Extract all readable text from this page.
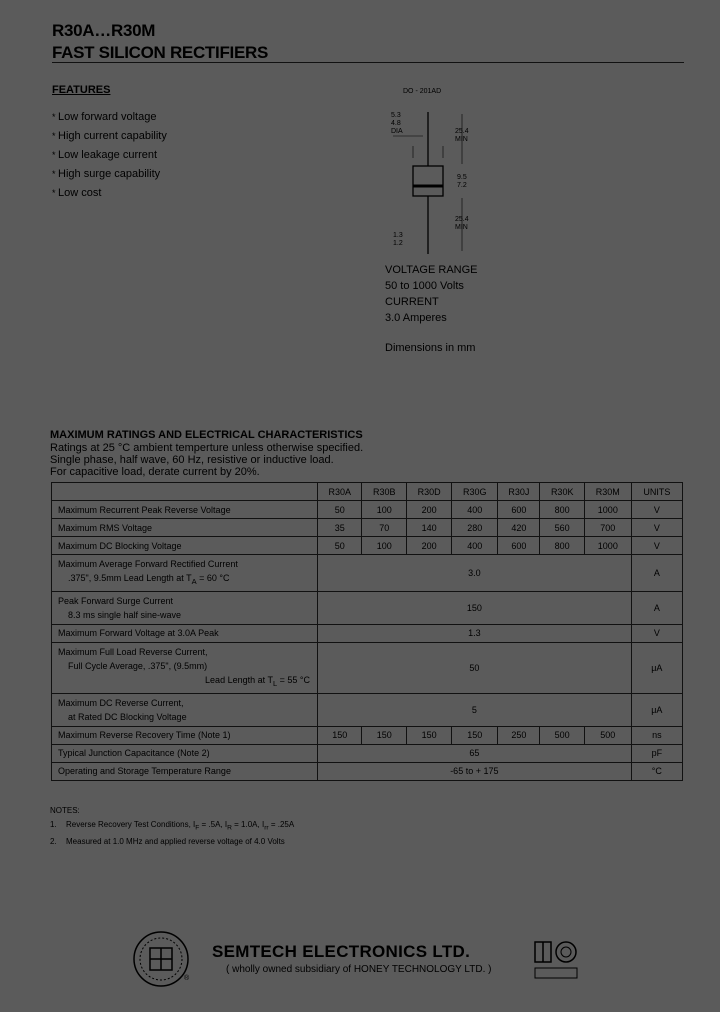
R30A…R30M
FAST SILICON RECTIFIERS
FEATURES
* Low forward voltage
* High current capability
* Low leakage current
* High surge capability
* Low cost
DO - 201AD
5.3
4.8
DIA	25.4
MIN
9.5
7.2
25.4
MIN
1.3
1.2
VOLTAGE RANGE
50 to 1000 Volts
CURRENT
3.0 Amperes
Dimensions in mm
MAXIMUM RATINGS AND ELECTRICAL CHARACTERISTICS
Ratings at 25 °C ambient temperture unless otherwise specified.
Single phase, half wave, 60 Hz, resistive or inductive load.
For capacitive load, derate current by 20%.
	R30A	R30B	R30D	R30G	R30J	R30K	R30M	UNITS
Maximum Recurrent Peak Reverse Voltage	50	100	200	400	600	800	1000	V
Maximum RMS Voltage	35	70	140	280	420	560	700	V
Maximum DC Blocking Voltage	50	100	200	400	600	800	1000	V

Maximum Average Forward Rectified Current
.375", 9.5mm Lead Length at $T_A = 60$ °C	3.0							A

Peak Forward Surge Current
8.3 ms single half sine-wave	150							A
Maximum Forward Voltage at 3.0A Peak	1.3							V

Maximum Full Load Reverse Current,
Full Cycle Average, .375", (9.5mm)
Lead Length at $T_L = 55$ °C	50							μA

Maximum DC Reverse Current,
at Rated DC Blocking Voltage	5							μA
Maximum Reverse Recovery Time (Note 1)	150	150	150	150	250	500	500	ns
Typical Junction Capacitance (Note 2)	65							pF
Operating and Storage Temperature Range	-65 to + 175							°C
NOTES:
1. Reverse Recovery Test Conditions, $I_F = .5A$, $I_R = 1.0A$, $I_{rr} = .25A$
2. Measured at 1.0 MHz and applied reverse voltage of 4.0 Volts
®
SEMTECH ELECTRONICS LTD.
( wholly owned subsidiary of HONEY TECHNOLOGY LTD. )
